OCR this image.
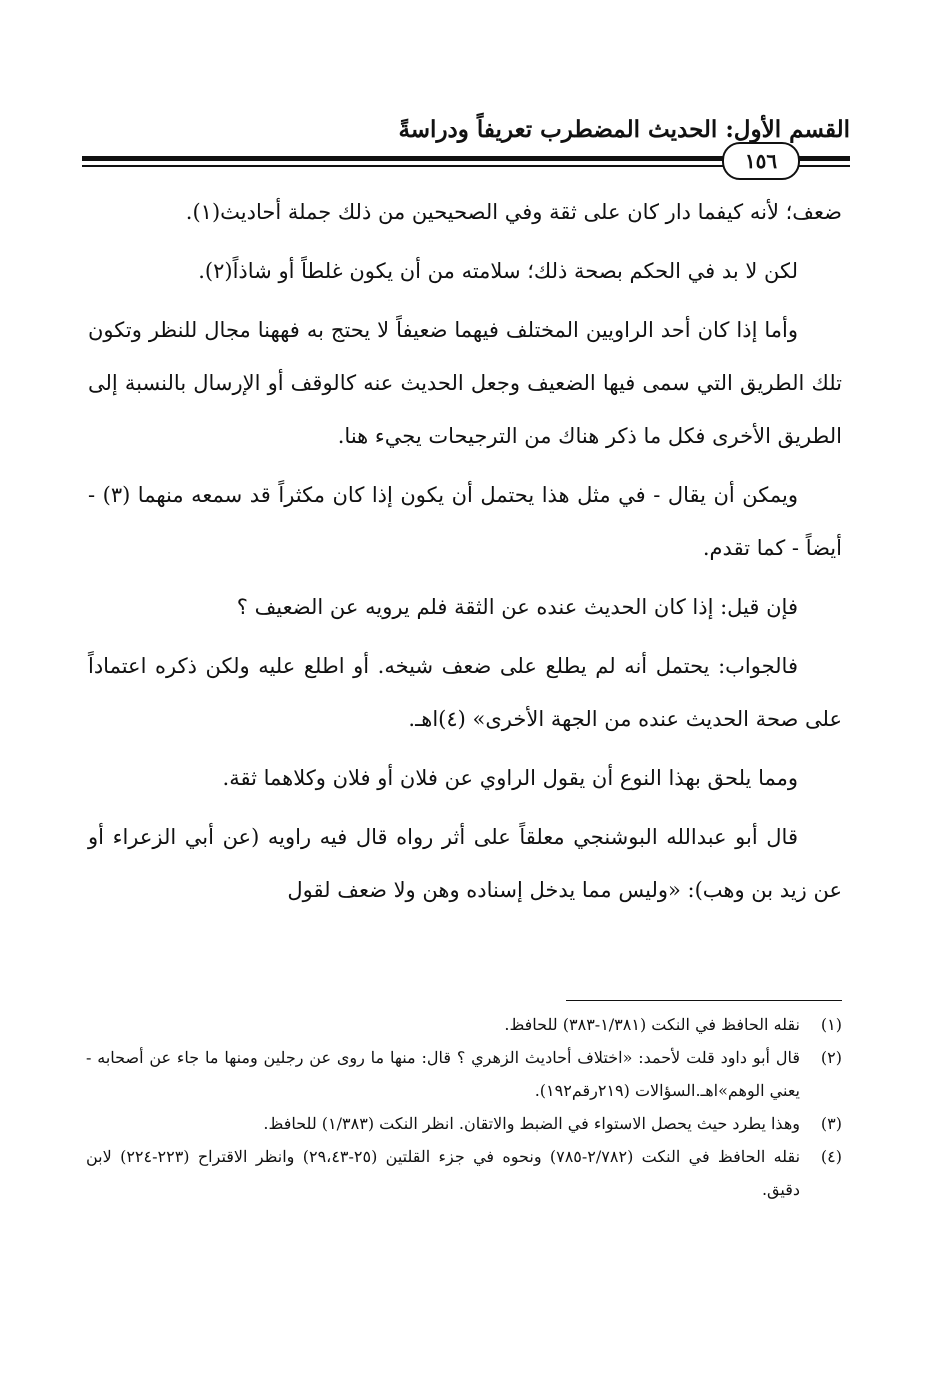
١٥٦
القسم الأول: الحديث المضطرب تعريفاً ودراسةً

ضعف؛ لأنه كيفما دار كان على ثقة وفي الصحيحين من ذلك جملة أحاديث(١).

لكن لا بد في الحكم بصحة ذلك؛ سلامته من أن يكون غلطاً أو شاذاً(٢).

وأما إذا كان أحد الراويين المختلف فيهما ضعيفاً لا يحتج به فههنا مجال للنظر وتكون تلك الطريق التي سمى فيها الضعيف وجعل الحديث عنه كالوقف أو الإرسال بالنسبة إلى الطريق الأخرى فكل ما ذكر هناك من الترجيحات يجيء هنا.

ويمكن أن يقال - في مثل هذا يحتمل أن يكون إذا كان مكثراً قد سمعه منهما (٣) - أيضاً - كما تقدم.

فإن قيل: إذا كان الحديث عنده عن الثقة فلم يرويه عن الضعيف ؟

فالجواب: يحتمل أنه لم يطلع على ضعف شيخه. أو اطلع عليه ولكن ذكره اعتماداً على صحة الحديث عنده من الجهة الأخرى» (٤)اهـ.

ومما يلحق بهذا النوع أن يقول الراوي عن فلان أو فلان وكلاهما ثقة.

قال أبو عبدالله البوشنجي معلقاً على أثر رواه قال فيه راويه (عن أبي الزعراء أو عن زيد بن وهب): «وليس مما يدخل إسناده وهن ولا ضعف لقول

(١)
نقله الحافظ في النكت (١/٣٨١-٣٨٣) للحافظ.
(٢)
قال أبو داود قلت لأحمد: «اختلاف أحاديث الزهري ؟ قال: منها ما روى عن رجلين ومنها ما جاء عن أصحابه - يعني الوهم»اهـ.السؤالات (٢١٩رقم١٩٢).
(٣)
وهذا يطرد حيث يحصل الاستواء في الضبط والاتقان. انظر النكت (١/٣٨٣) للحافظ.
(٤)
نقله الحافظ في النكت (٢/٧٨٢-٧٨٥) ونحوه في جزء القلتين (٢٥-٢٩،٤٣) وانظر الاقتراح (٢٢٣-٢٢٤) لابن دقيق.
